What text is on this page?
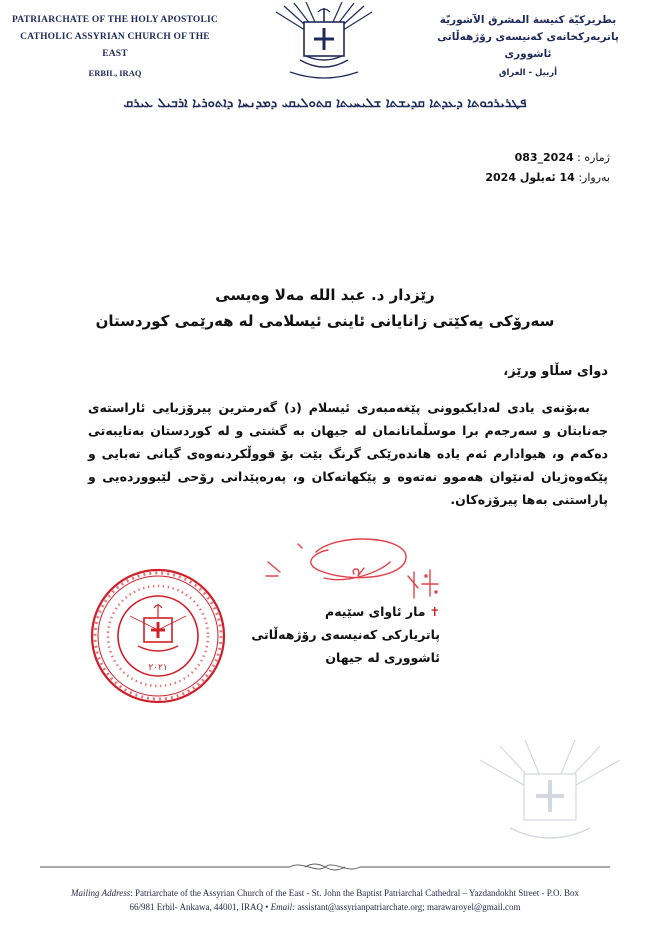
PATRIARCHATE OF THE HOLY APOSTOLIC
CATHOLIC ASSYRIAN CHURCH OF THE EAST
ERBIL, IRAQ
بطريركيّة كنيسة المشرق الآشوريّة
پاتریەرکخانەی کەنیسەی رۆژهەڵاتی ئاشووری
أربيل - العراق
ܦܛܪܝܪܟܘܬܐ ܕܥܕܬܐ ܩܕܝܫܬܐ ܫܠܝܚܝܬܐ ܩܬܘܠܝܩܝ ܕܡܕܢܚܐ ܕܐܬܘܪܝܐ ܐܪܒܝܠ ܥܝܪܩ
ژمارە : 2024_083
بەروار: 14 ئەیلول 2024
رێزدار د. عبد الله مەلا وەیسی
سەرۆکی یەکێتی زانایانی ئاینی ئیسلامی لە هەرێمی کوردستان
دوای سڵاو ورێز،
بەبۆنەی یادی لەدایکبوونی پێغەمبەری ئیسلام (د) گەرمترین پیرۆزبایی ئاراستەی جەنابتان و سەرجەم برا موسڵمانانمان لە جیهان بە گشتی و لە کوردستان بەتایبەتی دەکەم و، هیوادارم ئەم یادە هاندەرێکی گرنگ بێت بۆ قووڵکردنەوەی گیانی تەبایی و پێکەوەژیان لەنێوان هەموو نەتەوە و پێکهاتەکان و، پەرەپێدانی رۆحی لێبووردەیی و پاراستنی بەها پیرۆزەکان.
٢٠٢١
✝مار ئاوای سێیەم
پاتریارکی کەنیسەی رۆژهەڵاتی
ئاشووری لە جیهان
Mailing Address: Patriarchate of the Assyrian Church of the East - St. John the Baptist Patriarchal Cathedral – Yazdandokht Street - P.O. Box
66/981 Erbil- Ankawa, 44001, IRAQ • Email: assistant@assyrianpatriarchate.org; marawaroyel@gmail.com
